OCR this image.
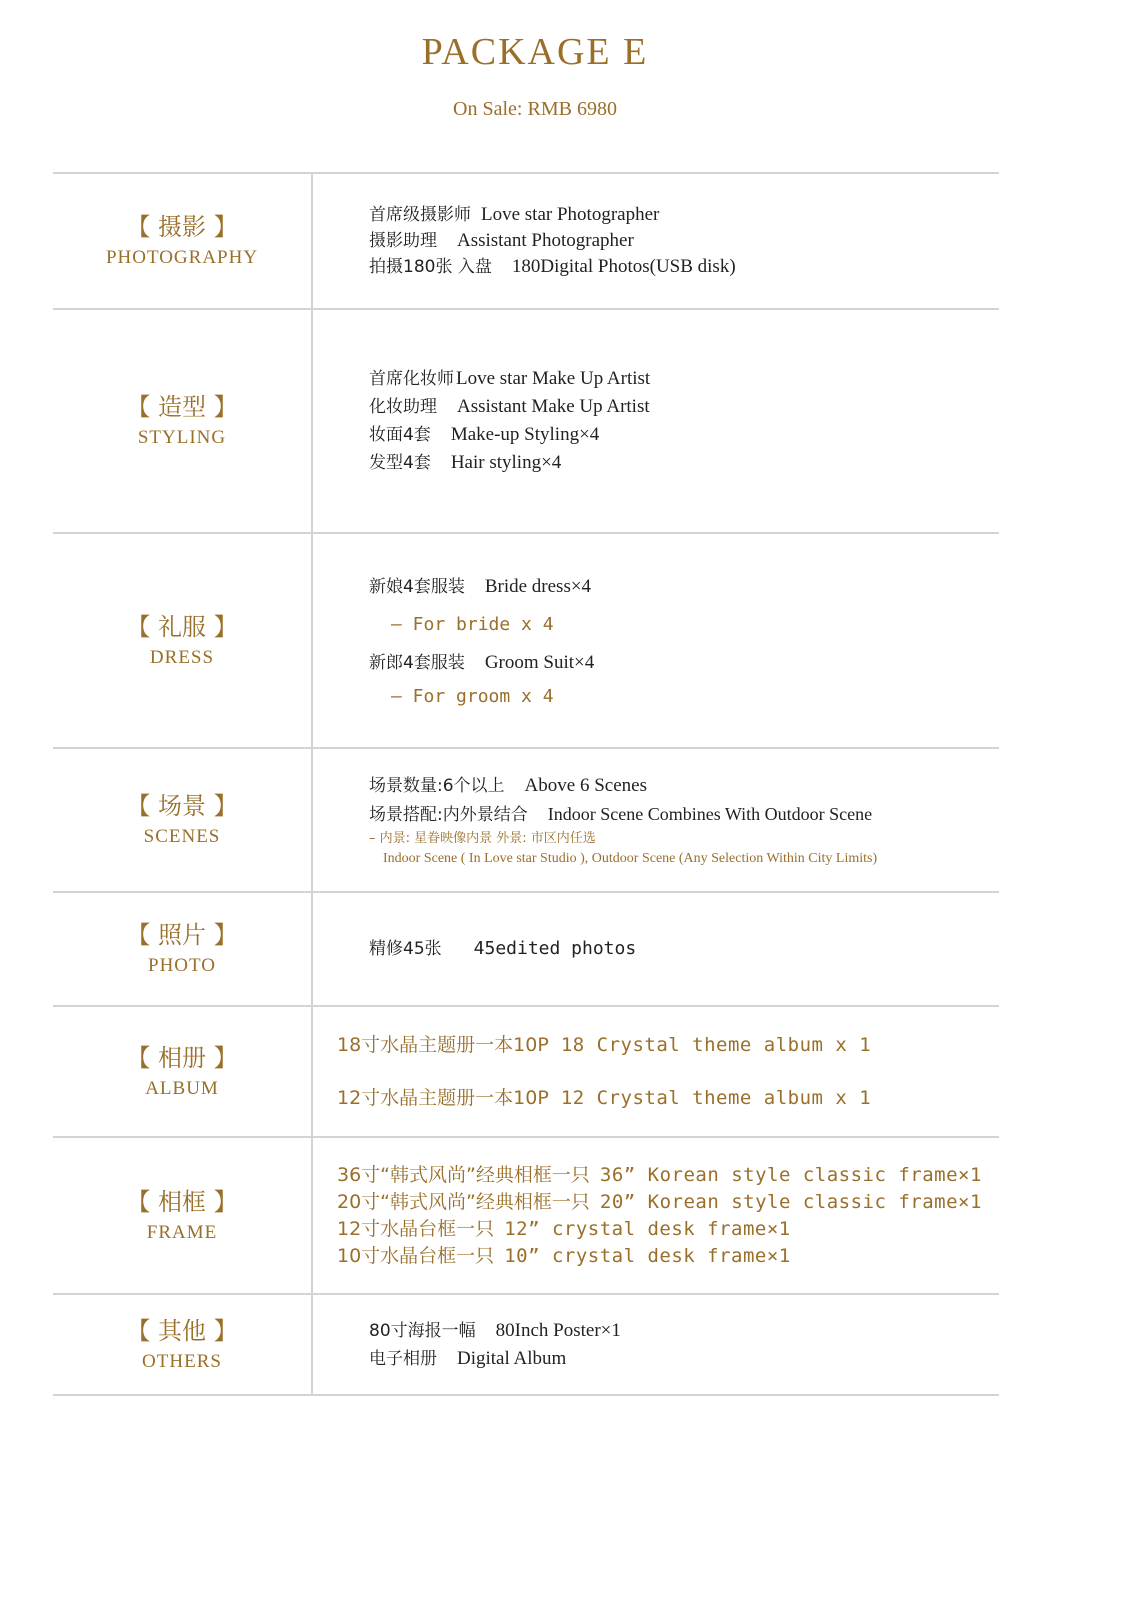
PACKAGE E
On Sale: RMB 6980
【 摄影 】
PHOTOGRAPHY
首席级摄影师 Love star Photographer
摄影助理 Assistant Photographer
拍摄180张 入盘 180Digital Photos(USB disk)
【 造型 】
STYLING
首席化妆师 Love star Make Up Artist
化妆助理 Assistant Make Up Artist
妆面4套 Make-up Styling×4
发型4套 Hair styling×4
【 礼服 】
DRESS
新娘4套服装 Bride dress×4
– For bride x 4
新郎4套服装 Groom Suit×4
– For groom x 4
【 场景 】
SCENES
场景数量:6个以上 Above 6 Scenes
场景搭配:内外景结合 Indoor Scene Combines With Outdoor Scene
– 内景: 星眷映像内景 外景: 市区内任选
Indoor Scene ( In Love star Studio ), Outdoor Scene (Any Selection Within City Limits)
【 照片 】
PHOTO
精修45张 45edited photos
【 相册 】
ALBUM
18寸水晶主题册一本10P 18 Crystal theme album x 1
12寸水晶主题册一本10P 12 Crystal theme album x 1
【 相框 】
FRAME
36寸“韩式风尚”经典相框一只 36” Korean style classic frame×1
20寸“韩式风尚”经典相框一只 20” Korean style classic frame×1
12寸水晶台框一只 12” crystal desk frame×1
10寸水晶台框一只 10” crystal desk frame×1
【 其他 】
OTHERS
80寸海报一幅 80Inch Poster×1
电子相册 Digital Album
